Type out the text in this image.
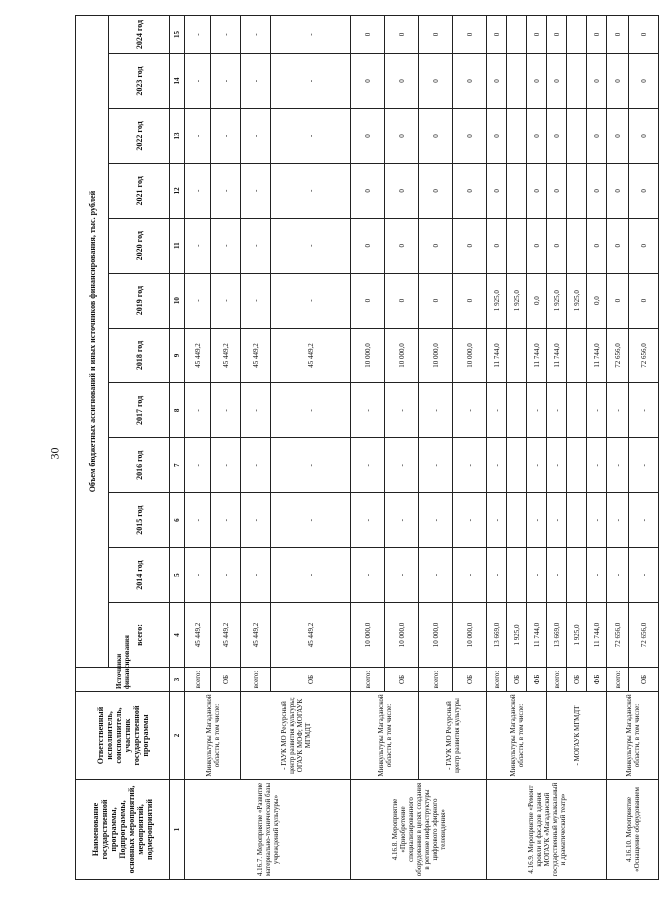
30
Наименование государственной программы, Подпрограммы, основных мероприятий, мероприятий, подмероприятий	Ответственный исполнитель, соисполнитель, участник государственной программы	Источники финансирования	Объем бюджетных ассигнований и иных источников финансирования, тыс. рублей											
			всего:	2014 год	2015 год	2016 год	2017 год	2018 год	2019 год	2020 год	2021 год	2022 год	2023 год	2024 год
1	2	3	4	5	6	7	8	9	10	11	12	13	14	15
4.16.7. Мероприятие «Развитие материально-технической базы учреждений культуры»	Минкультуры Магаданской области, в том числе:	всего:	45 449,2	-	-	-	-	45 449,2	-	-	-	-	-	-
		ОБ	45 449,2	-	-	-	-	45 449,2	-	-	-	-	-	-
	- ГАУК МО Ресурсный центр развития культуры; ОГАУК МОФ; МОГАУК МГМДТ	всего:	45 449,2	-	-	-	-	45 449,2	-	-	-	-	-	-
		ОБ	45 449,2	-	-	-	-	45 449,2	-	-	-	-	-	-
4.16.8. Мероприятие «Приобретение специализированного оборудования в целях создания в регионе инфраструктуры цифрового эфирного телевидения»	Минкультуры Магаданской области, в том числе:	всего:	10 000,0	-	-	-	-	10 000,0	0	0	0	0	0	0
		ОБ	10 000,0	-	-	-	-	10 000,0	0	0	0	0	0	0
	- ГАУК МО Ресурсный центр развития культуры	всего:	10 000,0	-	-	-	-	10 000,0	0	0	0	0	0	0
		ОБ	10 000,0	-	-	-	-	10 000,0	0	0	0	0	0	0
4.16.9. Мероприятие «Ремонт кровли и фасадов здания МОГАУК «Магаданский государственный музыкальный и драматический театр»	Минкультуры Магаданской области, в том числе:	всего:	13 669,0	-	-	-	-	11 744,0	1 925,0	0	0	0	0	0
		ОБ	1 925,0						1 925,0					
		ФБ	11 744,0	-	-	-	-	11 744,0	0,0	0	0	0	0	0
	- МОГАУК МГМДТ	всего:	13 669,0	-	-	-	-	11 744,0	1 925,0	0	0	0	0	0
		ОБ	1 925,0						1 925,0					
		ФБ	11 744,0	-	-	-	-	11 744,0	0,0	0	0	0	0	0
4.16.10. Мероприятие «Оснащение оборудованием	Минкультуры Магаданской области, в том числе:	всего:	72 656,0	-	-	-	-	72 656,0	0	0	0	0	0	0
		ОБ	72 656,0	-	-	-	-	72 656,0	0	0	0	0	0	0
